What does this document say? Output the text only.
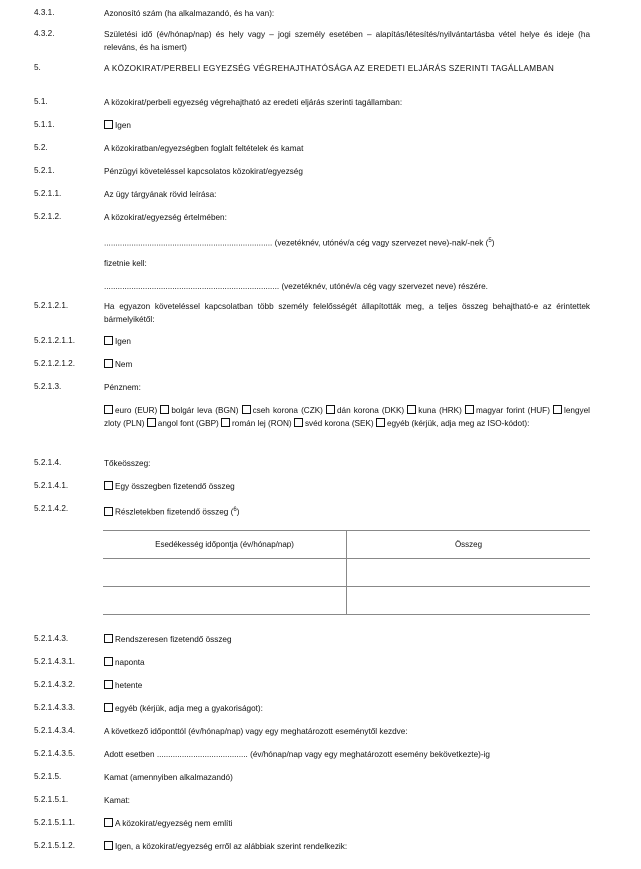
4.3.1.	Azonosító szám (ha alkalmazandó, és ha van):
4.3.2.	Születési idő (év/hónap/nap) és hely vagy – jogi személy esetében – alapítás/létesítés/nyilvántartásba vétel helye és ideje (ha releváns, és ha ismert)
5.	A KÖZOKIRAT/PERBELI EGYEZSÉG VÉGREHAJTHATÓSÁGA AZ EREDETI ELJÁRÁS SZERINTI TAGÁLLAMBAN
5.1.	A közokirat/perbeli egyezség végrehajtható az eredeti eljárás szerinti tagállamban:
5.1.1.	Igen
5.2.	A közokiratban/egyezségben foglalt feltételek és kamat
5.2.1.	Pénzügyi követeléssel kapcsolatos közokirat/egyezség
5.2.1.1.	Az ügy tárgyának rövid leírása:
5.2.1.2.	A közokirat/egyezség értelmében:
.......................................................................... (vezetéknév, utónév/a cég vagy szervezet neve)-nak/-nek ($^5$)
fizetnie kell:
............................................................................. (vezetéknév, utónév/a cég vagy szervezet neve) részére.
5.2.1.2.1.	Ha egyazon követeléssel kapcsolatban több személy felelősségét állapították meg, a teljes összeg behajtható-e az érintettek bármelyikétől:
5.2.1.2.1.1.	Igen
5.2.1.2.1.2.	Nem
5.2.1.3.	Pénznem:
euro (EUR) bolgár leva (BGN) cseh korona (CZK) dán korona (DKK) kuna (HRK) magyar forint (HUF) lengyel zloty (PLN) angol font (GBP) román lej (RON) svéd korona (SEK) egyéb (kérjük, adja meg az ISO-kódot):
5.2.1.4.	Tőkeösszeg:
5.2.1.4.1.	Egy összegben fizetendő összeg
5.2.1.4.2.	Részletekben fizetendő összeg ($^6$)
Esedékesség időpontja (év/hónap/nap)	Összeg

5.2.1.4.3.	Rendszeresen fizetendő összeg
5.2.1.4.3.1.	naponta
5.2.1.4.3.2.	hetente
5.2.1.4.3.3.	egyéb (kérjük, adja meg a gyakoriságot):
5.2.1.4.3.4.	A következő időponttól (év/hónap/nap) vagy egy meghatározott eseménytől kezdve:
5.2.1.4.3.5.	Adott esetben ........................................ (év/hónap/nap vagy egy meghatározott esemény bekövetkezte)-ig
5.2.1.5.	Kamat (amennyiben alkalmazandó)
5.2.1.5.1.	Kamat:
5.2.1.5.1.1.	A közokirat/egyezség nem említi
5.2.1.5.1.2.	Igen, a közokirat/egyezség erről az alábbiak szerint rendelkezik:
